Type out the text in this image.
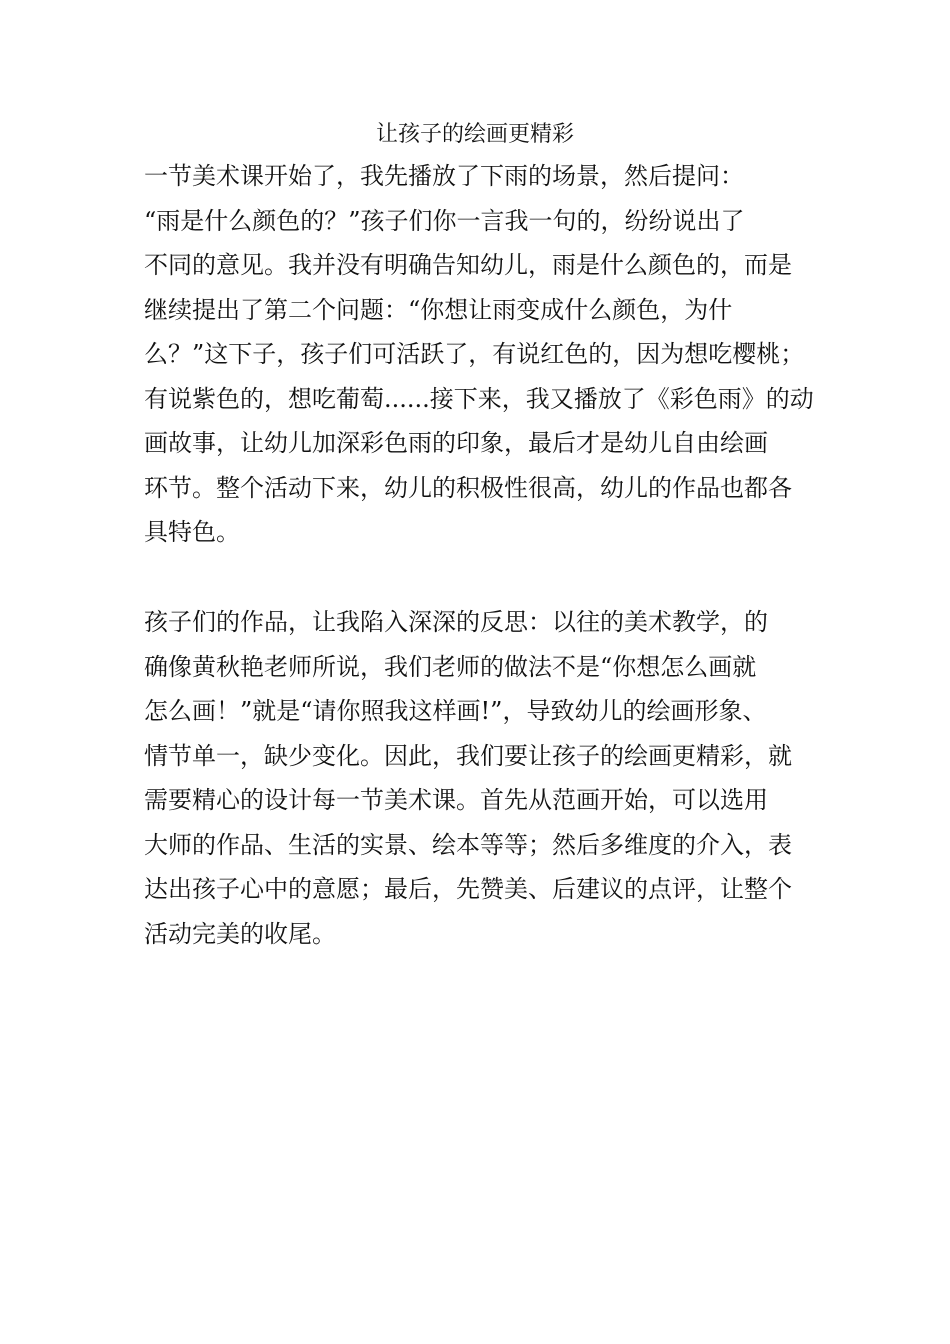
让孩子的绘画更精彩
一节美术课开始了，我先播放了下雨的场景，然后提问：
“雨是什么颜色的？”孩子们你一言我一句的，纷纷说出了
不同的意见。我并没有明确告知幼儿，雨是什么颜色的，而是
继续提出了第二个问题：“你想让雨变成什么颜色，为什
么？”这下子，孩子们可活跃了，有说红色的，因为想吃樱桃；
有说紫色的，想吃葡萄......接下来，我又播放了《彩色雨》的动
画故事，让幼儿加深彩色雨的印象，最后才是幼儿自由绘画
环节。整个活动下来，幼儿的积极性很高，幼儿的作品也都各
具特色。
孩子们的作品，让我陷入深深的反思：以往的美术教学，的
确像黄秋艳老师所说，我们老师的做法不是“你想怎么画就
怎么画！”就是“请你照我这样画!”，导致幼儿的绘画形象、
情节单一，缺少变化。因此，我们要让孩子的绘画更精彩，就
需要精心的设计每一节美术课。首先从范画开始，可以选用
大师的作品、生活的实景、绘本等等；然后多维度的介入，表
达出孩子心中的意愿；最后，先赞美、后建议的点评，让整个
活动完美的收尾。
